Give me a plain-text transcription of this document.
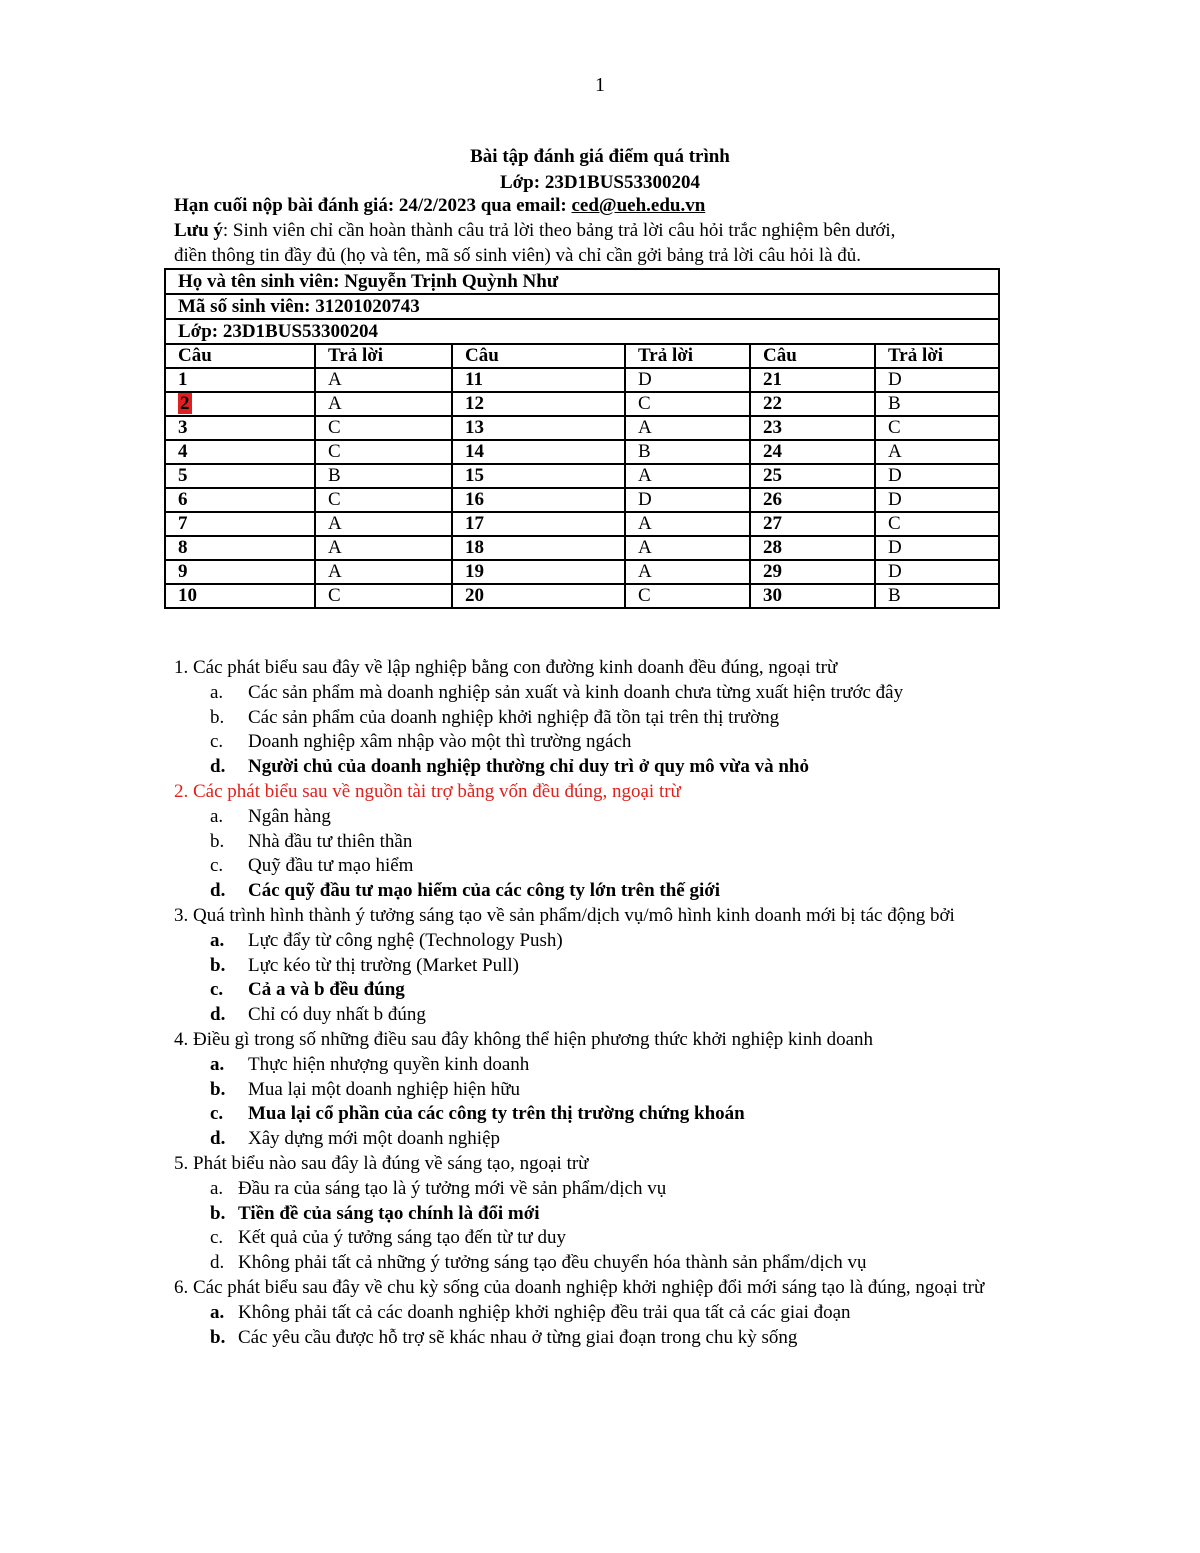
1
Bài tập đánh giá điểm quá trình
Lớp: 23D1BUS53300204
Hạn cuối nộp bài đánh giá: 24/2/2023 qua email: ced@ueh.edu.vn
Lưu ý: Sinh viên chỉ cần hoàn thành câu trả lời theo bảng trả lời câu hỏi trắc nghiệm bên dưới,
điền thông tin đầy đủ (họ và tên, mã số sinh viên) và chỉ cần gởi bảng trả lời câu hỏi là đủ.
Họ và tên sinh viên: Nguyễn Trịnh Quỳnh Như					
Mã số sinh viên: 31201020743					
Lớp: 23D1BUS53300204					
Câu	Trả lời	Câu	Trả lời	Câu	Trả lời
1	A	11	D	21	D
2	A	12	C	22	B
3	C	13	A	23	C
4	C	14	B	24	A
5	B	15	A	25	D
6	C	16	D	26	D
7	A	17	A	27	C
8	A	18	A	28	D
9	A	19	A	29	D
10	C	20	C	30	B
1. Các phát biểu sau đây về lập nghiệp bằng con đường kinh doanh đều đúng, ngoại trừ
a. Các sản phẩm mà doanh nghiệp sản xuất và kinh doanh chưa từng xuất hiện trước đây
b. Các sản phẩm của doanh nghiệp khởi nghiệp đã tồn tại trên thị trường
c. Doanh nghiệp xâm nhập vào một thì trường ngách
d. Người chủ của doanh nghiệp thường chỉ duy trì ở quy mô vừa và nhỏ
2. Các phát biểu sau về nguồn tài trợ bằng vốn đều đúng, ngoại trừ
a. Ngân hàng
b. Nhà đầu tư thiên thần
c. Quỹ đầu tư mạo hiểm
d. Các quỹ đầu tư mạo hiểm của các công ty lớn trên thế giới
3. Quá trình hình thành ý tưởng sáng tạo về sản phẩm/dịch vụ/mô hình kinh doanh mới bị tác động bởi
a. Lực đẩy từ công nghệ (Technology Push)
b. Lực kéo từ thị trường (Market Pull)
c. Cả a và b đều đúng
d. Chỉ có duy nhất b đúng
4. Điều gì trong số những điều sau đây không thể hiện phương thức khởi nghiệp kinh doanh
a. Thực hiện nhượng quyền kinh doanh
b. Mua lại một doanh nghiệp hiện hữu
c. Mua lại cổ phần của các công ty trên thị trường chứng khoán
d. Xây dựng mới một doanh nghiệp
5. Phát biểu nào sau đây là đúng về sáng tạo, ngoại trừ
a. Đầu ra của sáng tạo là ý tưởng mới về sản phẩm/dịch vụ
b. Tiền đề của sáng tạo chính là đổi mới
c. Kết quả của ý tưởng sáng tạo đến từ tư duy
d. Không phải tất cả những ý tưởng sáng tạo đều chuyển hóa thành sản phẩm/dịch vụ
6. Các phát biểu sau đây về chu kỳ sống của doanh nghiệp khởi nghiệp đổi mới sáng tạo là đúng, ngoại trừ
a. Không phải tất cả các doanh nghiệp khởi nghiệp đều trải qua tất cả các giai đoạn
b. Các yêu cầu được hỗ trợ sẽ khác nhau ở từng giai đoạn trong chu kỳ sống
